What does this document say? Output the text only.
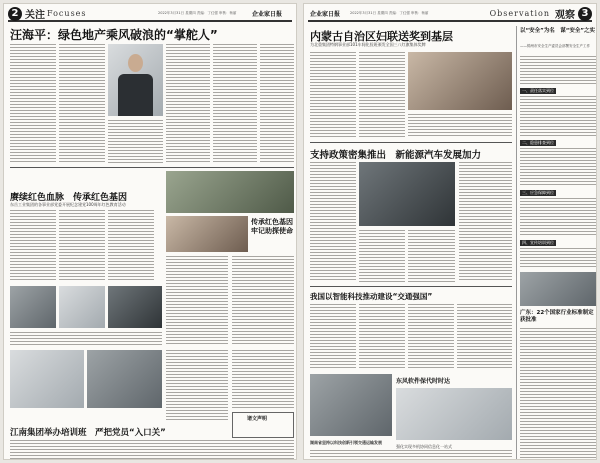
2 关注 Focuses	2022年3月31日 星期四 责编：丁红强 审核：杨丽	企业家日报
汪海平：绿色地产乘风破浪的“掌舵人”
赓续红色血脉　传承红色基因
东岳工业集团的各事业部党委开展纪念建党100周年红色教育活动
传承红色基因 牢记助探使命
江南集团举办培训班　严把党员“入口关”
诸文声明
企业家日报	2022年3月31日 星期四 责编：丁红强 审核：杨丽	Observation 观察 3
内蒙古自治区妇联送奖到基层
为北重集团特钢事业部101车间化验班颁发全国三八红旗集体奖牌
以“安全”为名　谋“安全”之实
——锦州市安全生产委员会部署安全生产工作
一、责任落实到位
二、隐患排查到位
三、应急保障到位
四、宣传培训到位
广东：22个国家行业标准制定获批准
支持政策密集推出　新能源汽车发展加力
我国以智能科技推动建设“交通强国”
湖南省坚持以科技创新引领交通运输发展
东风软件保代时时达
强化实现多机协同信息化一站式
